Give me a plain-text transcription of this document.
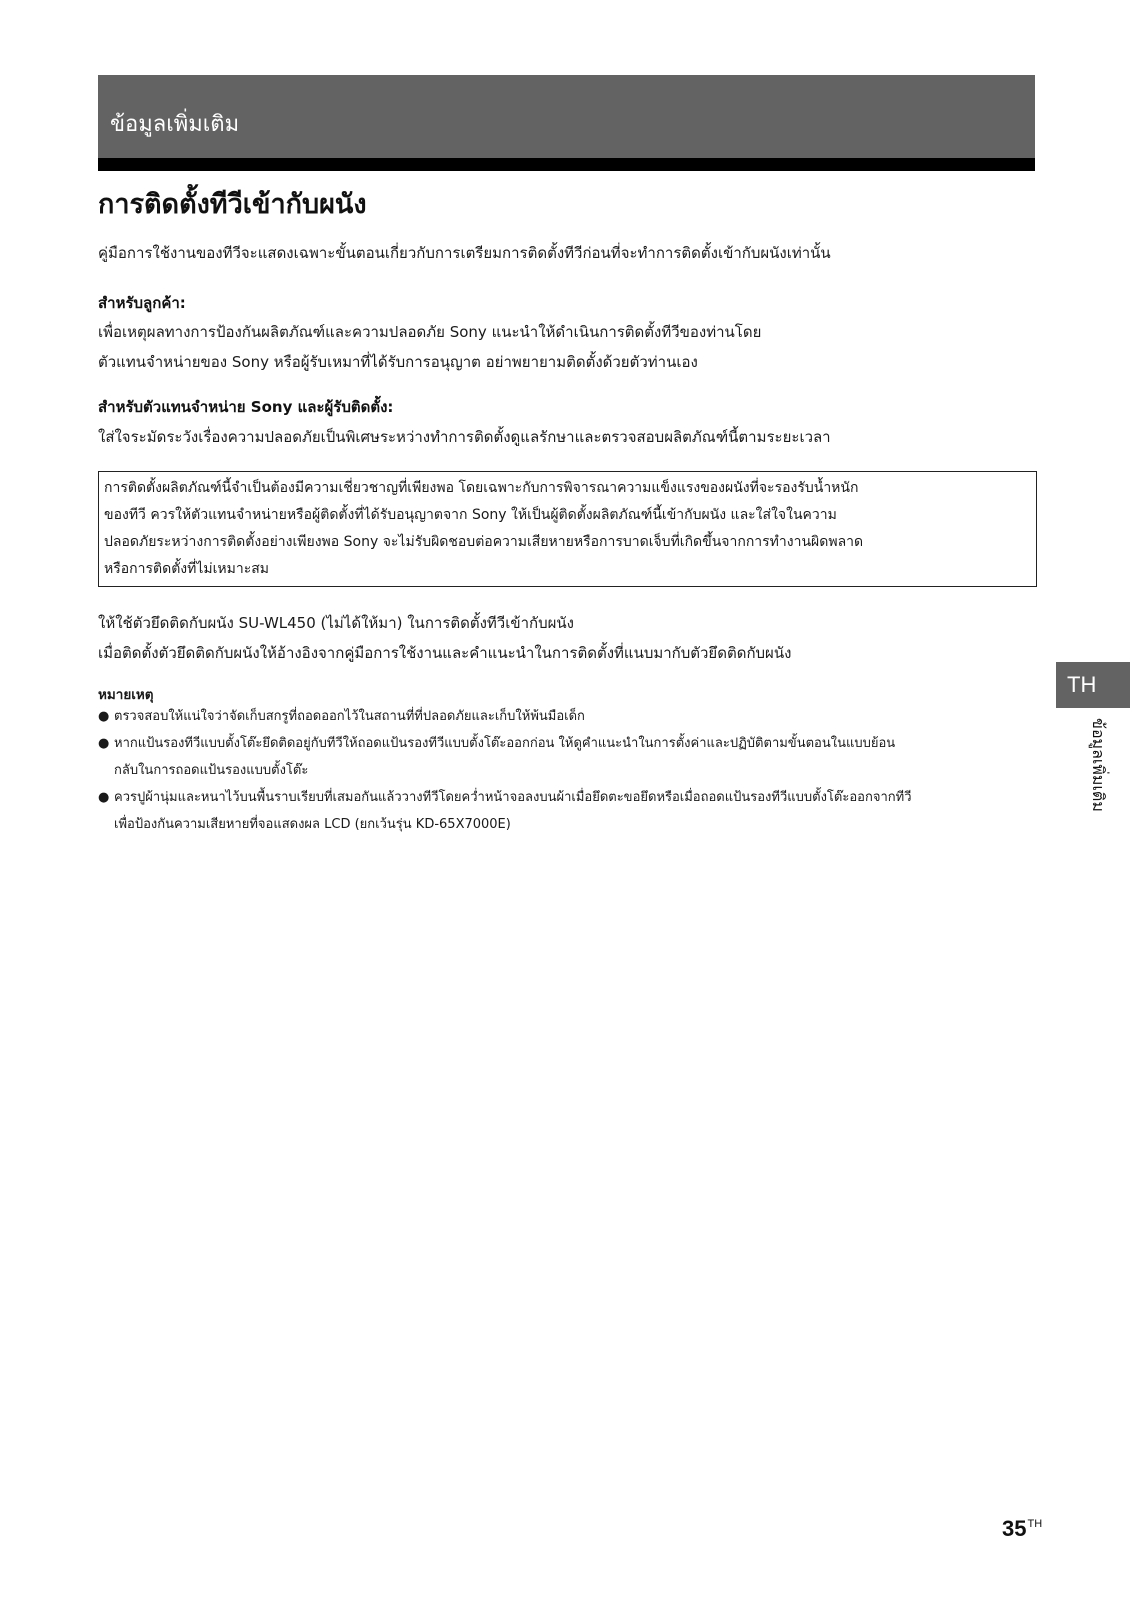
ข้อมูลเพิ่มเติม
การติดตั้งทีวีเข้ากับผนัง

คู่มือการใช้งานของทีวีจะแสดงเฉพาะขั้นตอนเกี่ยวกับการเตรียมการติดตั้งทีวีก่อนที่จะทำการติดตั้งเข้ากับผนังเท่านั้น

สำหรับลูกค้า:

เพื่อเหตุผลทางการป้องกันผลิตภัณฑ์และความปลอดภัย Sony แนะนำให้ดำเนินการติดตั้งทีวีของท่านโดย

ตัวแทนจำหน่ายของ Sony หรือผู้รับเหมาที่ได้รับการอนุญาต อย่าพยายามติดตั้งด้วยตัวท่านเอง

สำหรับตัวแทนจำหน่าย Sony และผู้รับติดตั้ง:

ใส่ใจระมัดระวังเรื่องความปลอดภัยเป็นพิเศษระหว่างทำการติดตั้งดูแลรักษาและตรวจสอบผลิตภัณฑ์นี้ตามระยะเวลา

การติดตั้งผลิตภัณฑ์นี้จำเป็นต้องมีความเชี่ยวชาญที่เพียงพอ โดยเฉพาะกับการพิจารณาความแข็งแรงของผนังที่จะรองรับน้ำหนัก

ของทีวี ควรให้ตัวแทนจำหน่ายหรือผู้ติดตั้งที่ได้รับอนุญาตจาก Sony ให้เป็นผู้ติดตั้งผลิตภัณฑ์นี้เข้ากับผนัง และใส่ใจในความ

ปลอดภัยระหว่างการติดตั้งอย่างเพียงพอ Sony จะไม่รับผิดชอบต่อความเสียหายหรือการบาดเจ็บที่เกิดขึ้นจากการทำงานผิดพลาด

หรือการติดตั้งที่ไม่เหมาะสม

ให้ใช้ตัวยึดติดกับผนัง SU-WL450 (ไม่ได้ให้มา) ในการติดตั้งทีวีเข้ากับผนัง

เมื่อติดตั้งตัวยึดติดกับผนังให้อ้างอิงจากคู่มือการใช้งานและคำแนะนำในการติดตั้งที่แนบมากับตัวยึดติดกับผนัง

หมายเหตุ
● ตรวจสอบให้แน่ใจว่าจัดเก็บสกรูที่ถอดออกไว้ในสถานที่ที่ปลอดภัยและเก็บให้พ้นมือเด็ก
● หากแป้นรองทีวีแบบตั้งโต๊ะยึดติดอยู่กับทีวีให้ถอดแป้นรองทีวีแบบตั้งโต๊ะออกก่อน ให้ดูคำแนะนำในการตั้งค่าและปฏิบัติตามขั้นตอนในแบบย้อน
กลับในการถอดแป้นรองแบบตั้งโต๊ะ
● ควรปูผ้านุ่มและหนาไว้บนพื้นราบเรียบที่เสมอกันแล้ววางทีวีโดยคว่ำหน้าจอลงบนผ้าเมื่อยึดตะขอยึดหรือเมื่อถอดแป้นรองทีวีแบบตั้งโต๊ะออกจากทีวี
เพื่อป้องกันความเสียหายที่จอแสดงผล LCD (ยกเว้นรุ่น KD-65X7000E)
TH
ข้อมูลเพิ่มเติม
35TH
